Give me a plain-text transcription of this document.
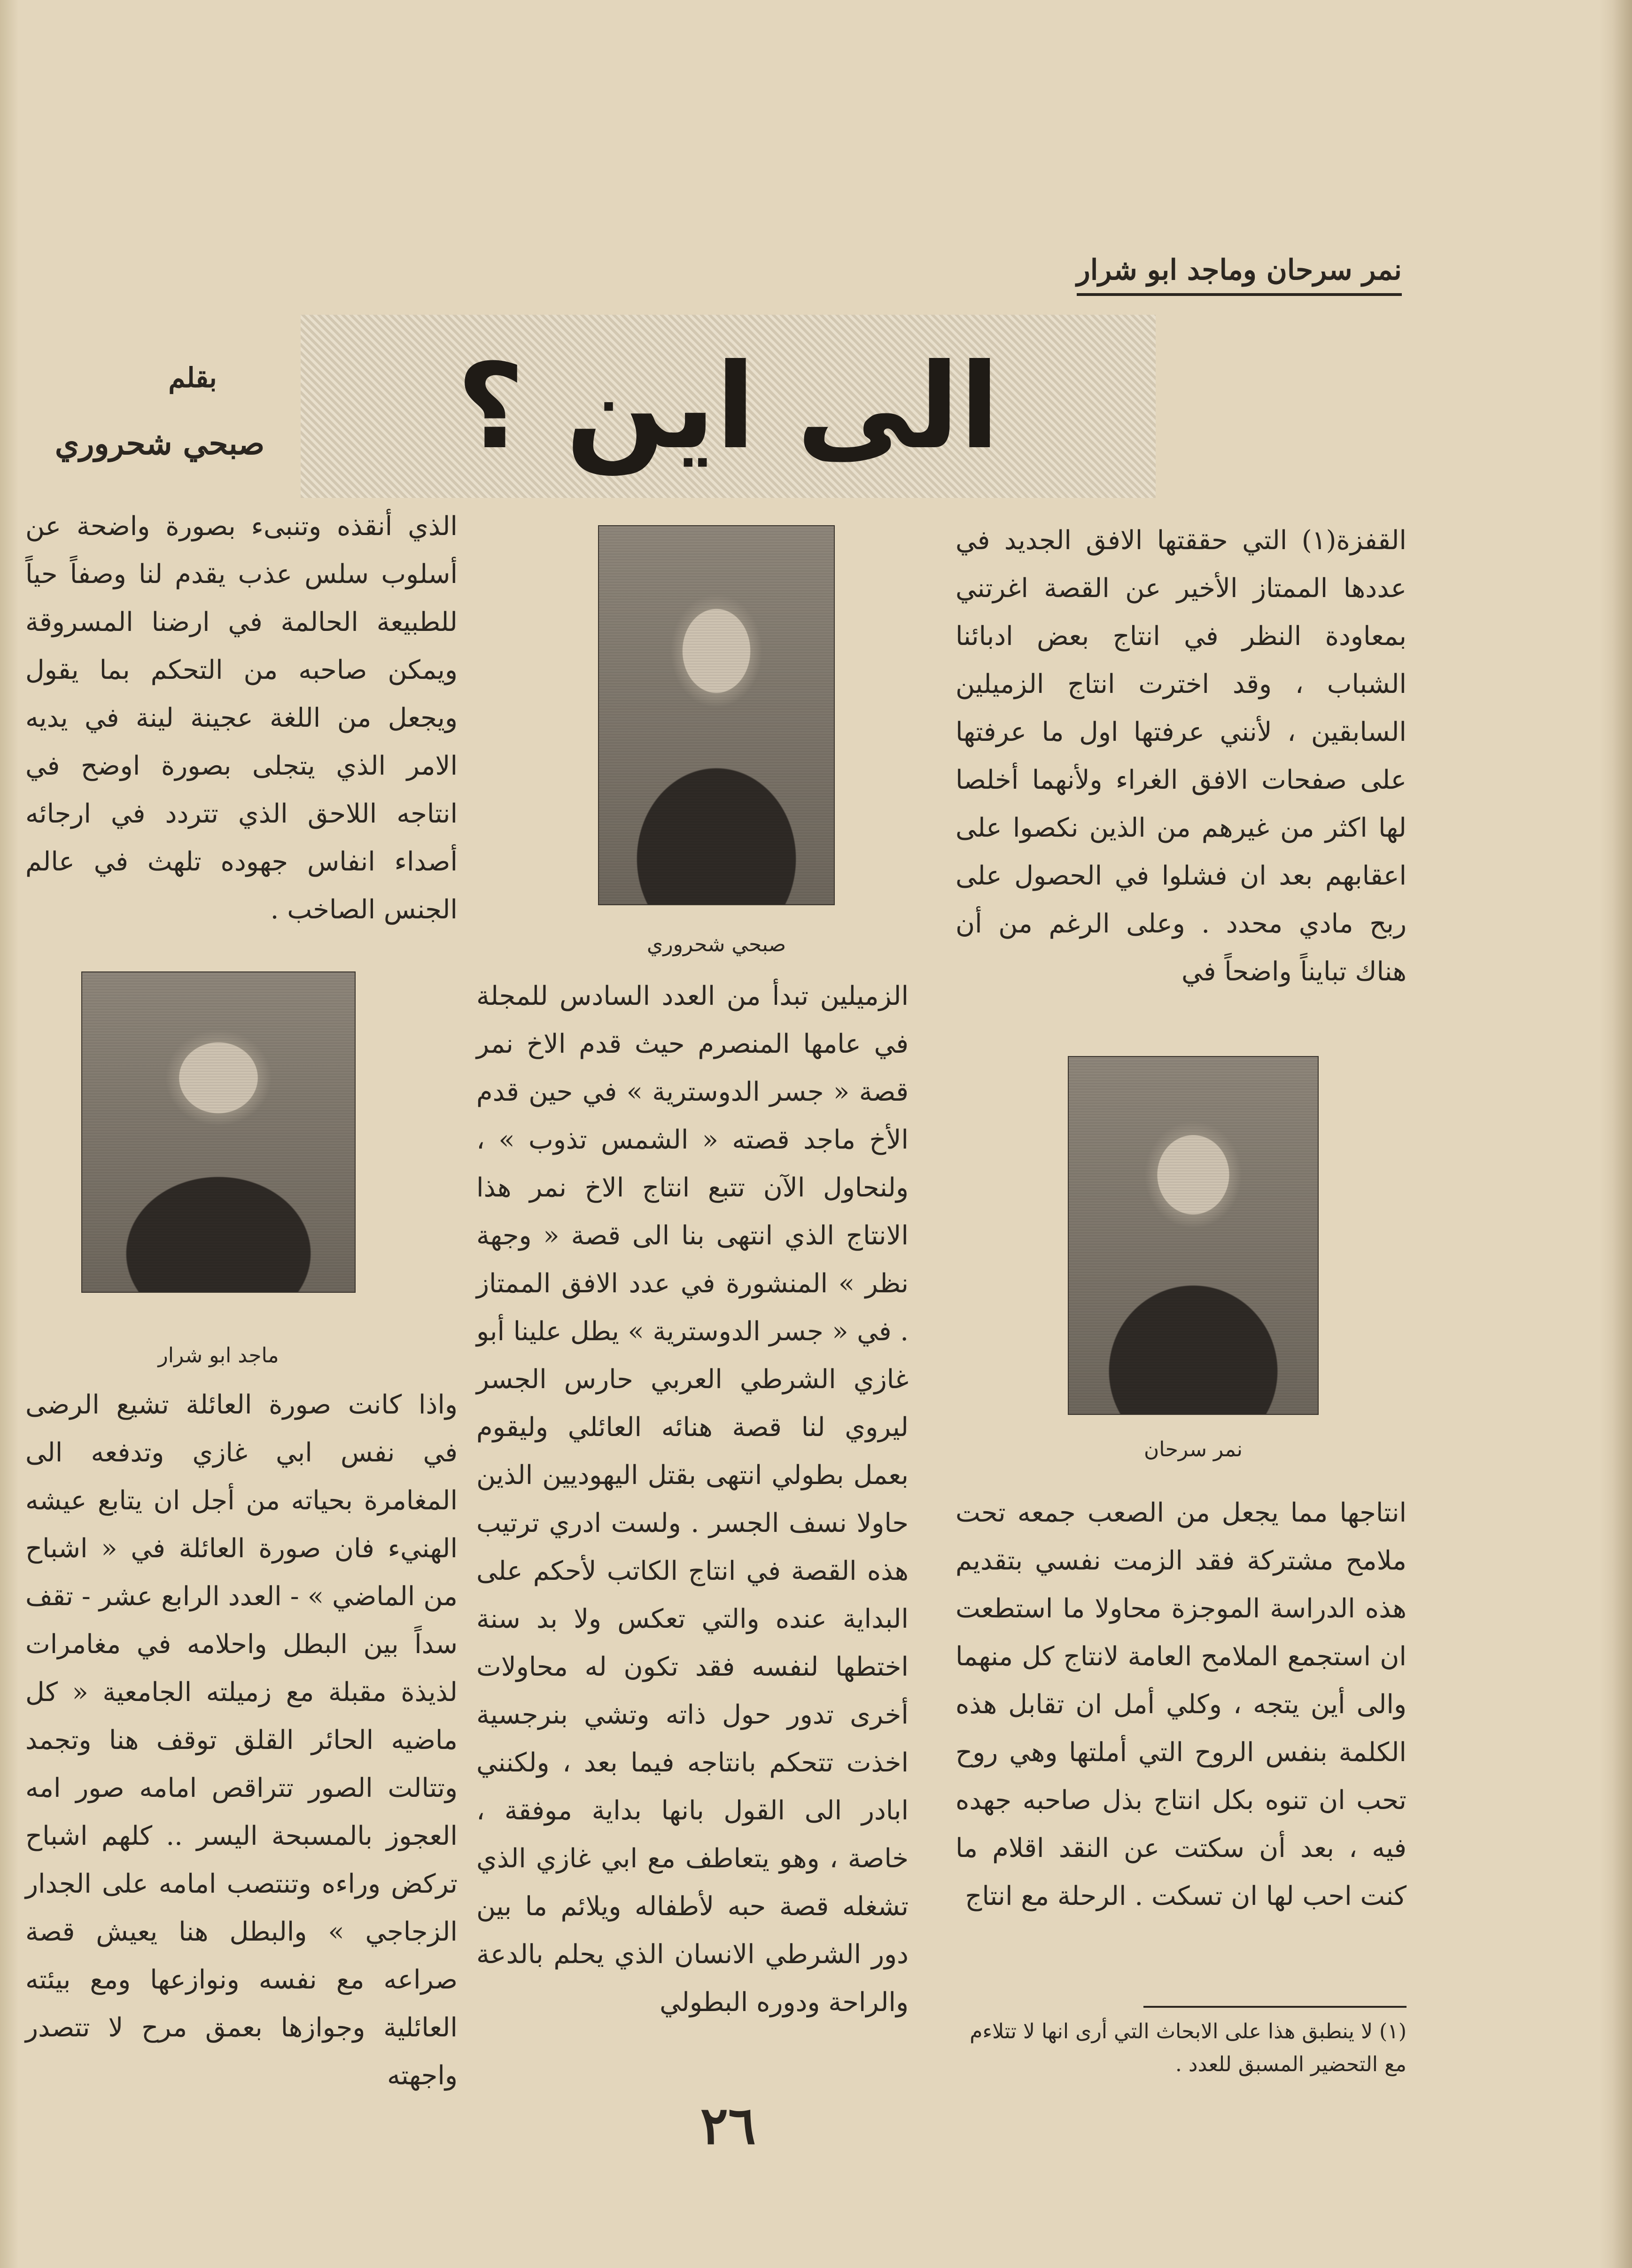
نمر سرحان وماجد ابو شرار
الى اين ؟
بقلم
صبحي شحروري

القفزة(١) التي حققتها الافق الجديد في عددها الممتاز الأخير عن القصة اغرتني بمعاودة النظر في انتاج بعض ادبائنا الشباب ، وقد اخترت انتاج الزميلين السابقين ، لأنني عرفتها اول ما عرفتها على صفحات الافق الغراء ولأنهما أخلصا لها اكثر من غيرهم من الذين نكصوا على اعقابهم بعد ان فشلوا في الحصول على ربح مادي محدد . وعلى الرغم من أن هناك تبايناً واضحاً في

نمر سرحان

انتاجها مما يجعل من الصعب جمعه تحت ملامح مشتركة فقد الزمت نفسي بتقديم هذه الدراسة الموجزة محاولا ما استطعت ان استجمع الملامح العامة لانتاج كل منهما والى أين يتجه ، وكلي أمل ان تقابل هذه الكلمة بنفس الروح التي أملتها وهي روح تحب ان تنوه بكل انتاج بذل صاحبه جهده فيه ، بعد أن سكتت عن النقد اقلام ما كنت احب لها ان تسكت . الرحلة مع انتاج

صبحي شحروري

الزميلين تبدأ من العدد السادس للمجلة في عامها المنصرم حيث قدم الاخ نمر قصة « جسر الدوسترية » في حين قدم الأخ ماجد قصته « الشمس تذوب » ، ولنحاول الآن تتبع انتاج الاخ نمر هذا الانتاج الذي انتهى بنا الى قصة « وجهة نظر » المنشورة في عدد الافق الممتاز . في « جسر الدوسترية » يطل علينا أبو غازي الشرطي العربي حارس الجسر ليروي لنا قصة هنائه العائلي وليقوم بعمل بطولي انتهى بقتل اليهوديين الذين حاولا نسف الجسر . ولست ادري ترتيب هذه القصة في انتاج الكاتب لأحكم على البداية عنده والتي تعكس ولا بد سنة اختطها لنفسه فقد تكون له محاولات أخرى تدور حول ذاته وتشي بنرجسية اخذت تتحكم بانتاجه فيما بعد ، ولكنني ابادر الى القول بانها بداية موفقة ، خاصة ، وهو يتعاطف مع ابي غازي الذي تشغله قصة حبه لأطفاله ويلائم ما بين دور الشرطي الانسان الذي يحلم بالدعة والراحة ودوره البطولي

الذي أنقذه وتنبىء بصورة واضحة عن أسلوب سلس عذب يقدم لنا وصفاً حياً للطبيعة الحالمة في ارضنا المسروقة ويمكن صاحبه من التحكم بما يقول ويجعل من اللغة عجينة لينة في يديه الامر الذي يتجلى بصورة اوضح في انتاجه اللاحق الذي تتردد في ارجائه أصداء انفاس جهوده تلهث في عالم الجنس الصاخب .

ماجد ابو شرار

واذا كانت صورة العائلة تشيع الرضى في نفس ابي غازي وتدفعه الى المغامرة بحياته من أجل ان يتابع عيشه الهنيء فان صورة العائلة في « اشباح من الماضي » - العدد الرابع عشر - تقف سداً بين البطل واحلامه في مغامرات لذيذة مقبلة مع زميلته الجامعية « كل ماضيه الحائر القلق توقف هنا وتجمد وتتالت الصور تتراقص امامه صور امه العجوز بالمسبحة اليسر .. كلهم اشباح تركض وراءه وتنتصب امامه على الجدار الزجاجي » والبطل هنا يعيش قصة صراعه مع نفسه ونوازعها ومع بيئته العائلية وجوازها بعمق مرح لا تتصدر واجهته

(١) لا ينطبق هذا على الابحاث التي أرى انها لا تتلاءم مع التحضير المسبق للعدد .
٢٦
